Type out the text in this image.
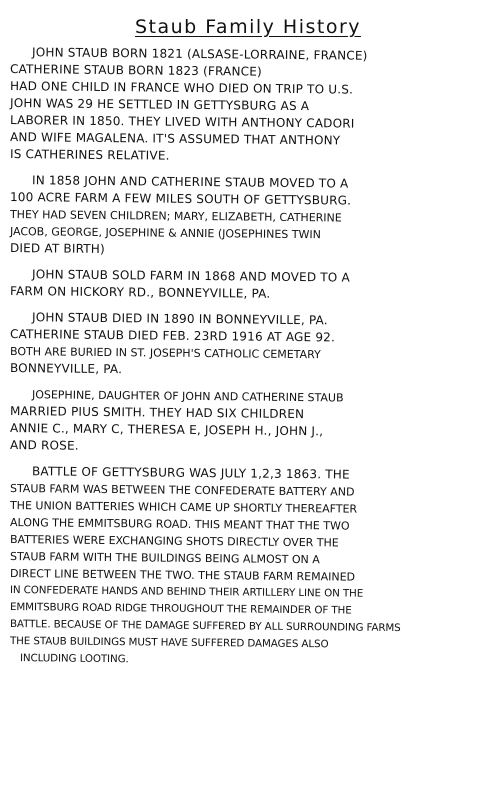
Staub Family History
JOHN STAUB BORN 1821 (ALSASE-LORRAINE, FRANCE)
CATHERINE STAUB BORN 1823 (FRANCE)
HAD ONE CHILD IN FRANCE WHO DIED ON TRIP TO U.S.
JOHN WAS 29 HE SETTLED IN GETTYSBURG AS A
LABORER IN 1850. THEY LIVED WITH ANTHONY CADORI
AND WIFE MAGALENA. IT'S ASSUMED THAT ANTHONY
IS CATHERINES RELATIVE.
IN 1858 JOHN AND CATHERINE STAUB MOVED TO A
100 ACRE FARM A FEW MILES SOUTH OF GETTYSBURG.
THEY HAD SEVEN CHILDREN; MARY, ELIZABETH, CATHERINE
JACOB, GEORGE, JOSEPHINE & ANNIE (JOSEPHINES TWIN
DIED AT BIRTH)
JOHN STAUB SOLD FARM IN 1868 AND MOVED TO A
FARM ON HICKORY RD., BONNEYVILLE, PA.
JOHN STAUB DIED IN 1890 IN BONNEYVILLE, PA.
CATHERINE STAUB DIED FEB. 23RD 1916 AT AGE 92.
BOTH ARE BURIED IN ST. JOSEPH'S CATHOLIC CEMETARY
BONNEYVILLE, PA.
JOSEPHINE, DAUGHTER OF JOHN AND CATHERINE STAUB
MARRIED PIUS SMITH. THEY HAD SIX CHILDREN
ANNIE C., MARY C, THERESA E, JOSEPH H., JOHN J.,
AND ROSE.
BATTLE OF GETTYSBURG WAS JULY 1,2,3 1863. THE
STAUB FARM WAS BETWEEN THE CONFEDERATE BATTERY AND
THE UNION BATTERIES WHICH CAME UP SHORTLY THEREAFTER
ALONG THE EMMITSBURG ROAD. THIS MEANT THAT THE TWO
BATTERIES WERE EXCHANGING SHOTS DIRECTLY OVER THE
STAUB FARM WITH THE BUILDINGS BEING ALMOST ON A
DIRECT LINE BETWEEN THE TWO. THE STAUB FARM REMAINED
IN CONFEDERATE HANDS AND BEHIND THEIR ARTILLERY LINE ON THE
EMMITSBURG ROAD RIDGE THROUGHOUT THE REMAINDER OF THE
BATTLE. BECAUSE OF THE DAMAGE SUFFERED BY ALL SURROUNDING FARMS
THE STAUB BUILDINGS MUST HAVE SUFFERED DAMAGES ALSO
INCLUDING LOOTING.
